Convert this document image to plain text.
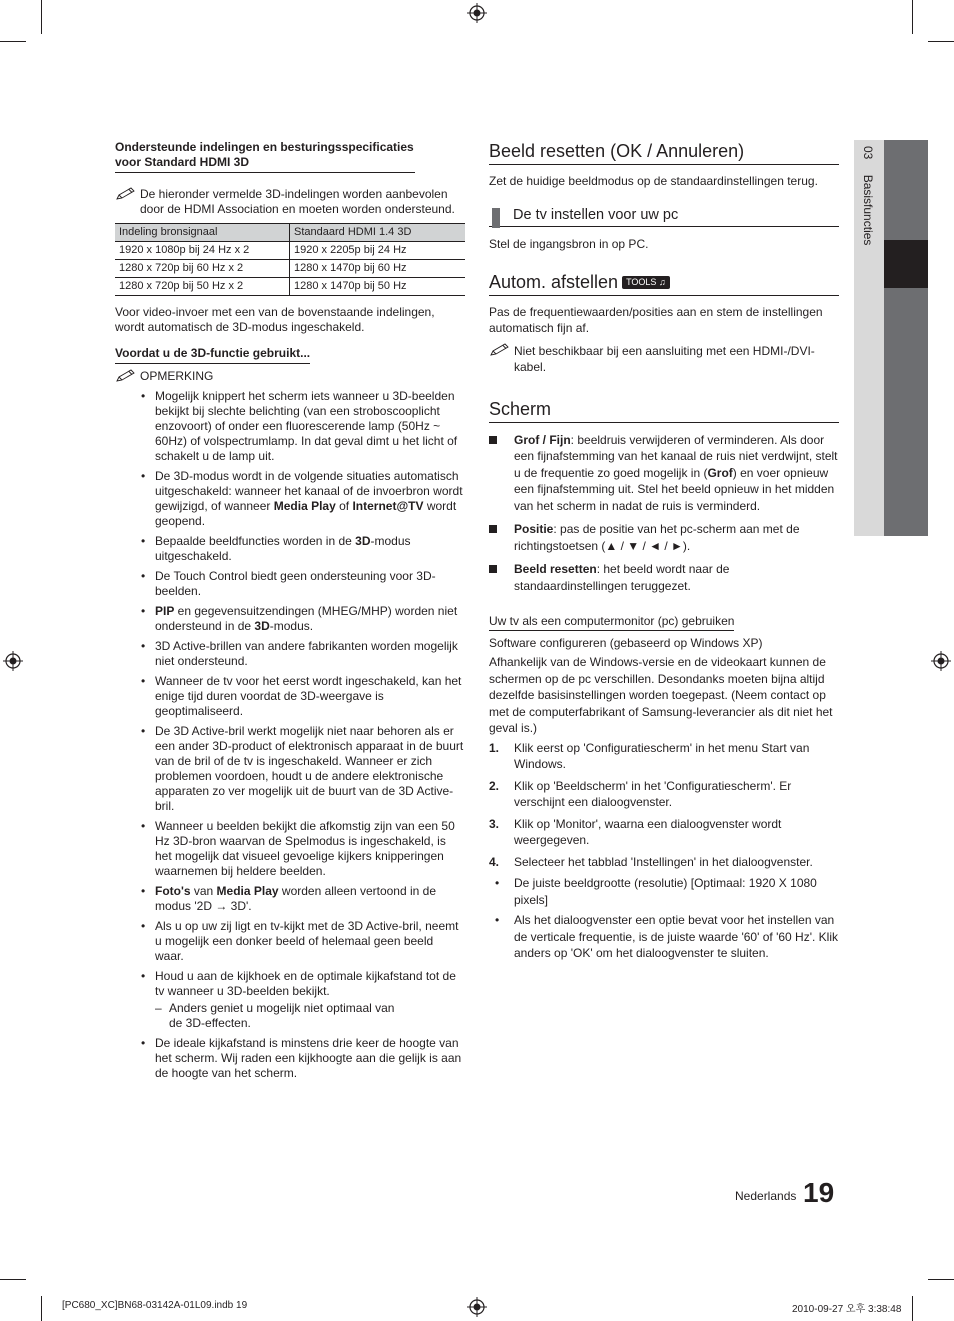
03 Basisfuncties
Ondersteunde indelingen en besturingsspecificaties voor Standard HDMI 3D
De hieronder vermelde 3D-indelingen worden aanbevolen door de HDMI Association en moeten worden ondersteund.
Indeling bronsignaal	Standaard HDMI 1.4 3D
1920 x 1080p bij 24 Hz x 2	1920 x 2205p bij 24 Hz
1280 x 720p bij 60 Hz x 2	1280 x 1470p bij 60 Hz
1280 x 720p bij 50 Hz x 2	1280 x 1470p bij 50 Hz
Voor video-invoer met een van de bovenstaande indelingen, wordt automatisch de 3D-modus ingeschakeld.
Voordat u de 3D-functie gebruikt...
OPMERKING
• Mogelijk knippert het scherm iets wanneer u 3D-beelden bekijkt bij slechte belichting (van een stroboscooplicht enzovoort) of onder een fluorescerende lamp (50Hz ~ 60Hz) of volspectrumlamp. In dat geval dimt u het licht of schakelt u de lamp uit.
• De 3D-modus wordt in de volgende situaties automatisch uitgeschakeld: wanneer het kanaal of de invoerbron wordt gewijzigd, of wanneer Media Play of Internet@TV wordt geopend.
• Bepaalde beeldfuncties worden in de 3D-modus uitgeschakeld.
• De Touch Control biedt geen ondersteuning voor 3D-beelden.
• PIP en gegevensuitzendingen (MHEG/MHP) worden niet ondersteund in de 3D-modus.
• 3D Active-brillen van andere fabrikanten worden mogelijk niet ondersteund.
• Wanneer de tv voor het eerst wordt ingeschakeld, kan het enige tijd duren voordat de 3D-weergave is geoptimaliseerd.
• De 3D Active-bril werkt mogelijk niet naar behoren als er een ander 3D-product of elektronisch apparaat in de buurt van de bril of de tv is ingeschakeld. Wanneer er zich problemen voordoen, houdt u de andere elektronische apparaten zo ver mogelijk uit de buurt van de 3D Active-bril.
• Wanneer u beelden bekijkt die afkomstig zijn van een 50 Hz 3D-bron waarvan de Spelmodus is ingeschakeld, is het mogelijk dat visueel gevoelige kijkers knipperingen waarnemen bij heldere beelden.
• Foto's van Media Play worden alleen vertoond in de modus '2D → 3D'.
• Als u op uw zij ligt en tv-kijkt met de 3D Active-bril, neemt u mogelijk een donker beeld of helemaal geen beeld waar.
• Houd u aan de kijkhoek en de optimale kijkafstand tot de tv wanneer u 3D-beelden bekijkt.
– Anders geniet u mogelijk niet optimaal van de 3D-effecten.
• De ideale kijkafstand is minstens drie keer de hoogte van het scherm. Wij raden een kijkhoogte aan die gelijk is aan de hoogte van het scherm.
Beeld resetten (OK / Annuleren)
Zet de huidige beeldmodus op de standaardinstellingen terug.
De tv instellen voor uw pc
Stel de ingangsbron in op PC.
Autom. afstellen TOOLS ♫
Pas de frequentiewaarden/posities aan en stem de instellingen automatisch fijn af.
Niet beschikbaar bij een aansluiting met een HDMI-/DVI-kabel.
Scherm
Grof / Fijn: beeldruis verwijderen of verminderen. Als door een fijnafstemming van het kanaal de ruis niet verdwijnt, stelt u de frequentie zo goed mogelijk in (Grof) en voer opnieuw een fijnafstemming uit. Stel het beeld opnieuw in het midden van het scherm in nadat de ruis is verminderd.
Positie: pas de positie van het pc-scherm aan met de richtingstoetsen (▲ / ▼ / ◄ / ►).
Beeld resetten: het beeld wordt naar de standaardinstellingen teruggezet.
Uw tv als een computermonitor (pc) gebruiken
Software configureren (gebaseerd op Windows XP)
Afhankelijk van de Windows-versie en de videokaart kunnen de schermen op de pc verschillen. Desondanks moeten bijna altijd dezelfde basisinstellingen worden toegepast. (Neem contact op met de computerfabrikant of Samsung-leverancier als dit niet het geval is.)
1. Klik eerst op 'Configuratiescherm' in het menu Start van Windows.
2. Klik op 'Beeldscherm' in het 'Configuratiescherm'. Er verschijnt een dialoogvenster.
3. Klik op 'Monitor', waarna een dialoogvenster wordt weergegeven.
4. Selecteer het tabblad 'Instellingen' in het dialoogvenster.
• De juiste beeldgrootte (resolutie) [Optimaal: 1920 X 1080 pixels]
• Als het dialoogvenster een optie bevat voor het instellen van de verticale frequentie, is de juiste waarde '60' of '60 Hz'. Klik anders op 'OK' om het dialoogvenster te sluiten.
Nederlands 19
[PC680_XC]BN68-03142A-01L09.indb 19	2010-09-27 오후 3:38:48
